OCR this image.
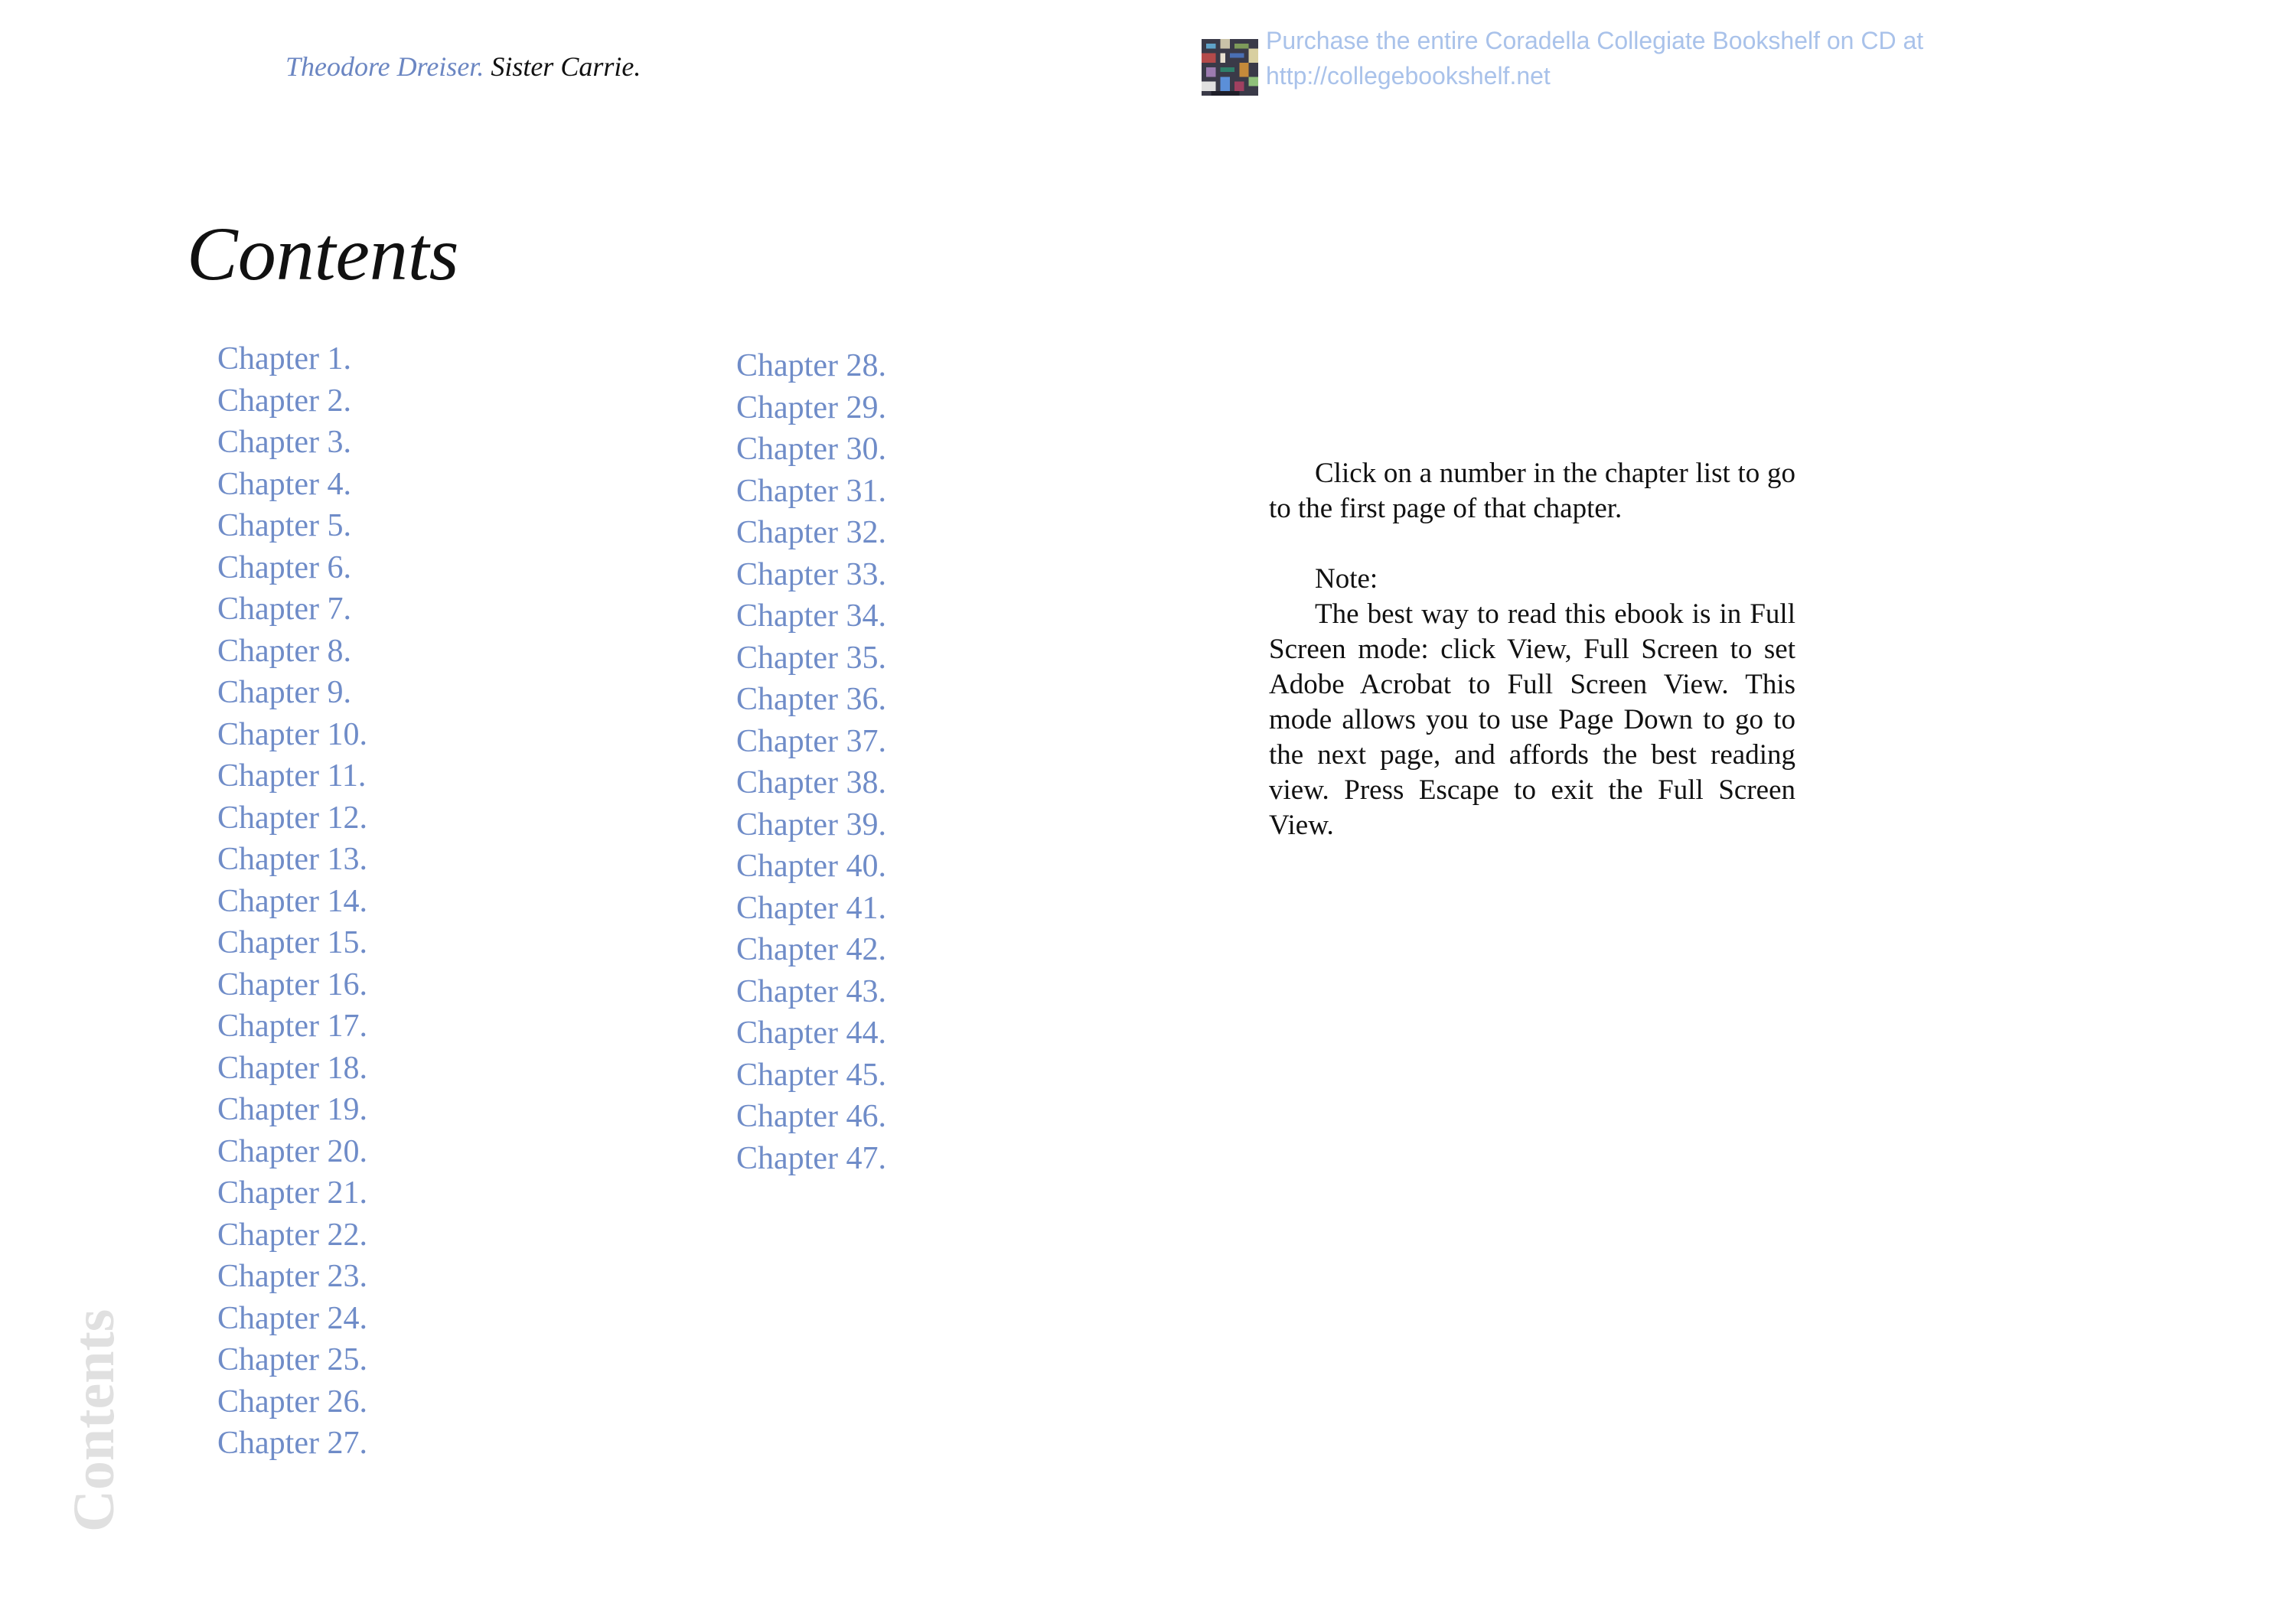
Theodore Dreiser. Sister Carrie.
Purchase the entire Coradella Collegiate Bookshelf on CD at
http://collegebookshelf.net
Contents
Chapter 1.
Chapter 2.
Chapter 3.
Chapter 4.
Chapter 5.
Chapter 6.
Chapter 7.
Chapter 8.
Chapter 9.
Chapter 10.
Chapter 11.
Chapter 12.
Chapter 13.
Chapter 14.
Chapter 15.
Chapter 16.
Chapter 17.
Chapter 18.
Chapter 19.
Chapter 20.
Chapter 21.
Chapter 22.
Chapter 23.
Chapter 24.
Chapter 25.
Chapter 26.
Chapter 27.
Chapter 28.
Chapter 29.
Chapter 30.
Chapter 31.
Chapter 32.
Chapter 33.
Chapter 34.
Chapter 35.
Chapter 36.
Chapter 37.
Chapter 38.
Chapter 39.
Chapter 40.
Chapter 41.
Chapter 42.
Chapter 43.
Chapter 44.
Chapter 45.
Chapter 46.
Chapter 47.
Contents

Click on a number in the chapter list to go to the first page of that chapter.

Note:

The best way to read this ebook is in Full Screen mode: click View, Full Screen to set Adobe Acrobat to Full Screen View. This mode allows you to use Page Down to go to the next page, and affords the best reading view. Press Escape to exit the Full Screen View.
